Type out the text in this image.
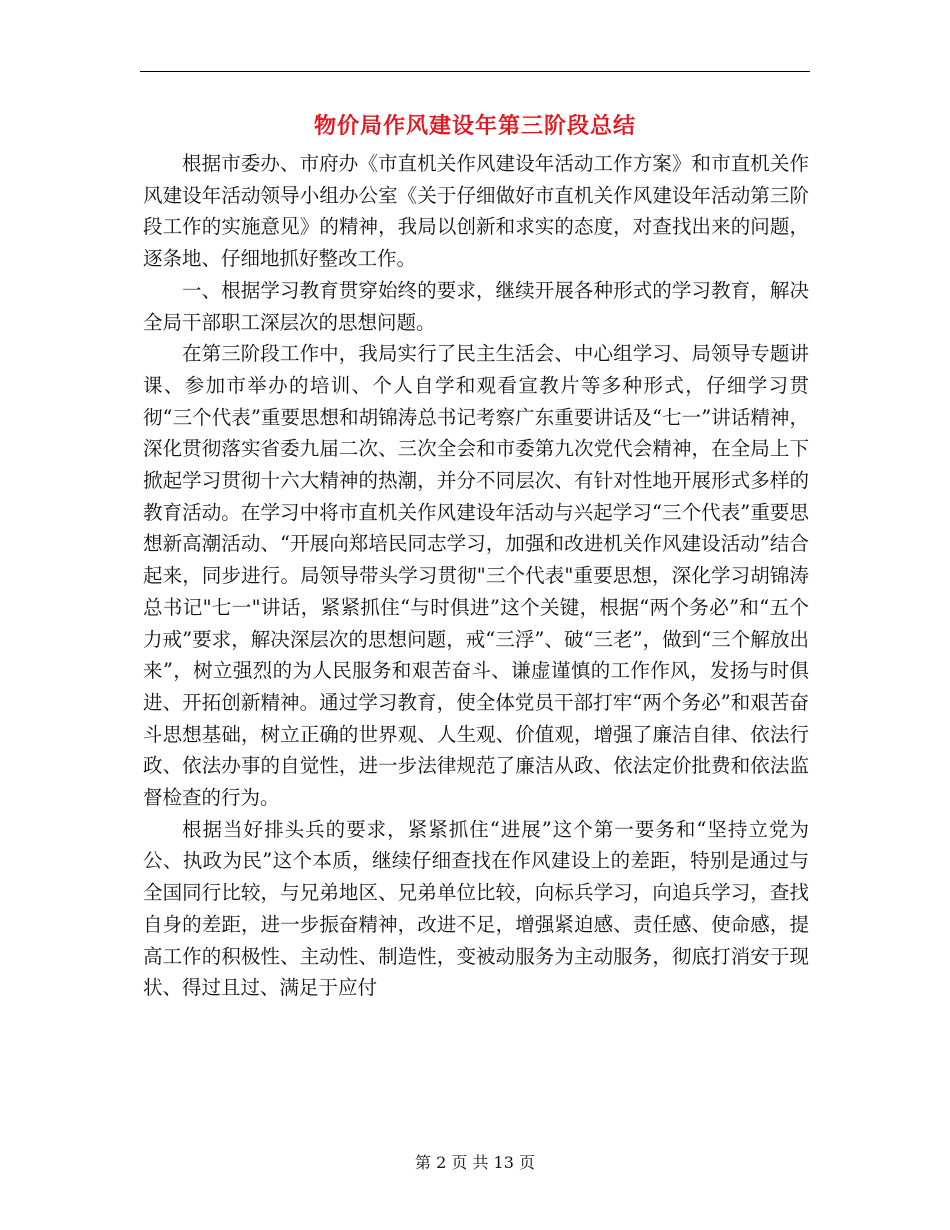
物价局作风建设年第三阶段总结

根据市委办、市府办《市直机关作风建设年活动工作方案》和市直机关作风建设年活动领导小组办公室《关于仔细做好市直机关作风建设年活动第三阶段工作的实施意见》的精神，我局以创新和求实的态度，对查找出来的问题，逐条地、仔细地抓好整改工作。

一、根据学习教育贯穿始终的要求，继续开展各种形式的学习教育，解决全局干部职工深层次的思想问题。

在第三阶段工作中，我局实行了民主生活会、中心组学习、局领导专题讲课、参加市举办的培训、个人自学和观看宣教片等多种形式，仔细学习贯彻“三个代表”重要思想和胡锦涛总书记考察广东重要讲话及“七一”讲话精神，深化贯彻落实省委九届二次、三次全会和市委第九次党代会精神，在全局上下掀起学习贯彻十六大精神的热潮，并分不同层次、有针对性地开展形式多样的教育活动。在学习中将市直机关作风建设年活动与兴起学习“三个代表”重要思想新高潮活动、“开展向郑培民同志学习，加强和改进机关作风建设活动”结合起来，同步进行。局领导带头学习贯彻"三个代表"重要思想，深化学习胡锦涛总书记"七一"讲话，紧紧抓住“与时俱进”这个关键，根据“两个务必”和“五个力戒”要求，解决深层次的思想问题，戒“三浮”、破“三老”，做到“三个解放出来”，树立强烈的为人民服务和艰苦奋斗、谦虚谨慎的工作作风，发扬与时俱进、开拓创新精神。通过学习教育，使全体党员干部打牢“两个务必”和艰苦奋斗思想基础，树立正确的世界观、人生观、价值观，增强了廉洁自律、依法行政、依法办事的自觉性，进一步法律规范了廉洁从政、依法定价批费和依法监督检查的行为。

根据当好排头兵的要求，紧紧抓住“进展”这个第一要务和“坚持立党为公、执政为民”这个本质，继续仔细查找在作风建设上的差距，特别是通过与全国同行比较，与兄弟地区、兄弟单位比较，向标兵学习，向追兵学习，查找自身的差距，进一步振奋精神，改进不足，增强紧迫感、责任感、使命感，提高工作的积极性、主动性、制造性，变被动服务为主动服务，彻底打消安于现状、得过且过、满足于应付

第 2 页 共 13 页
